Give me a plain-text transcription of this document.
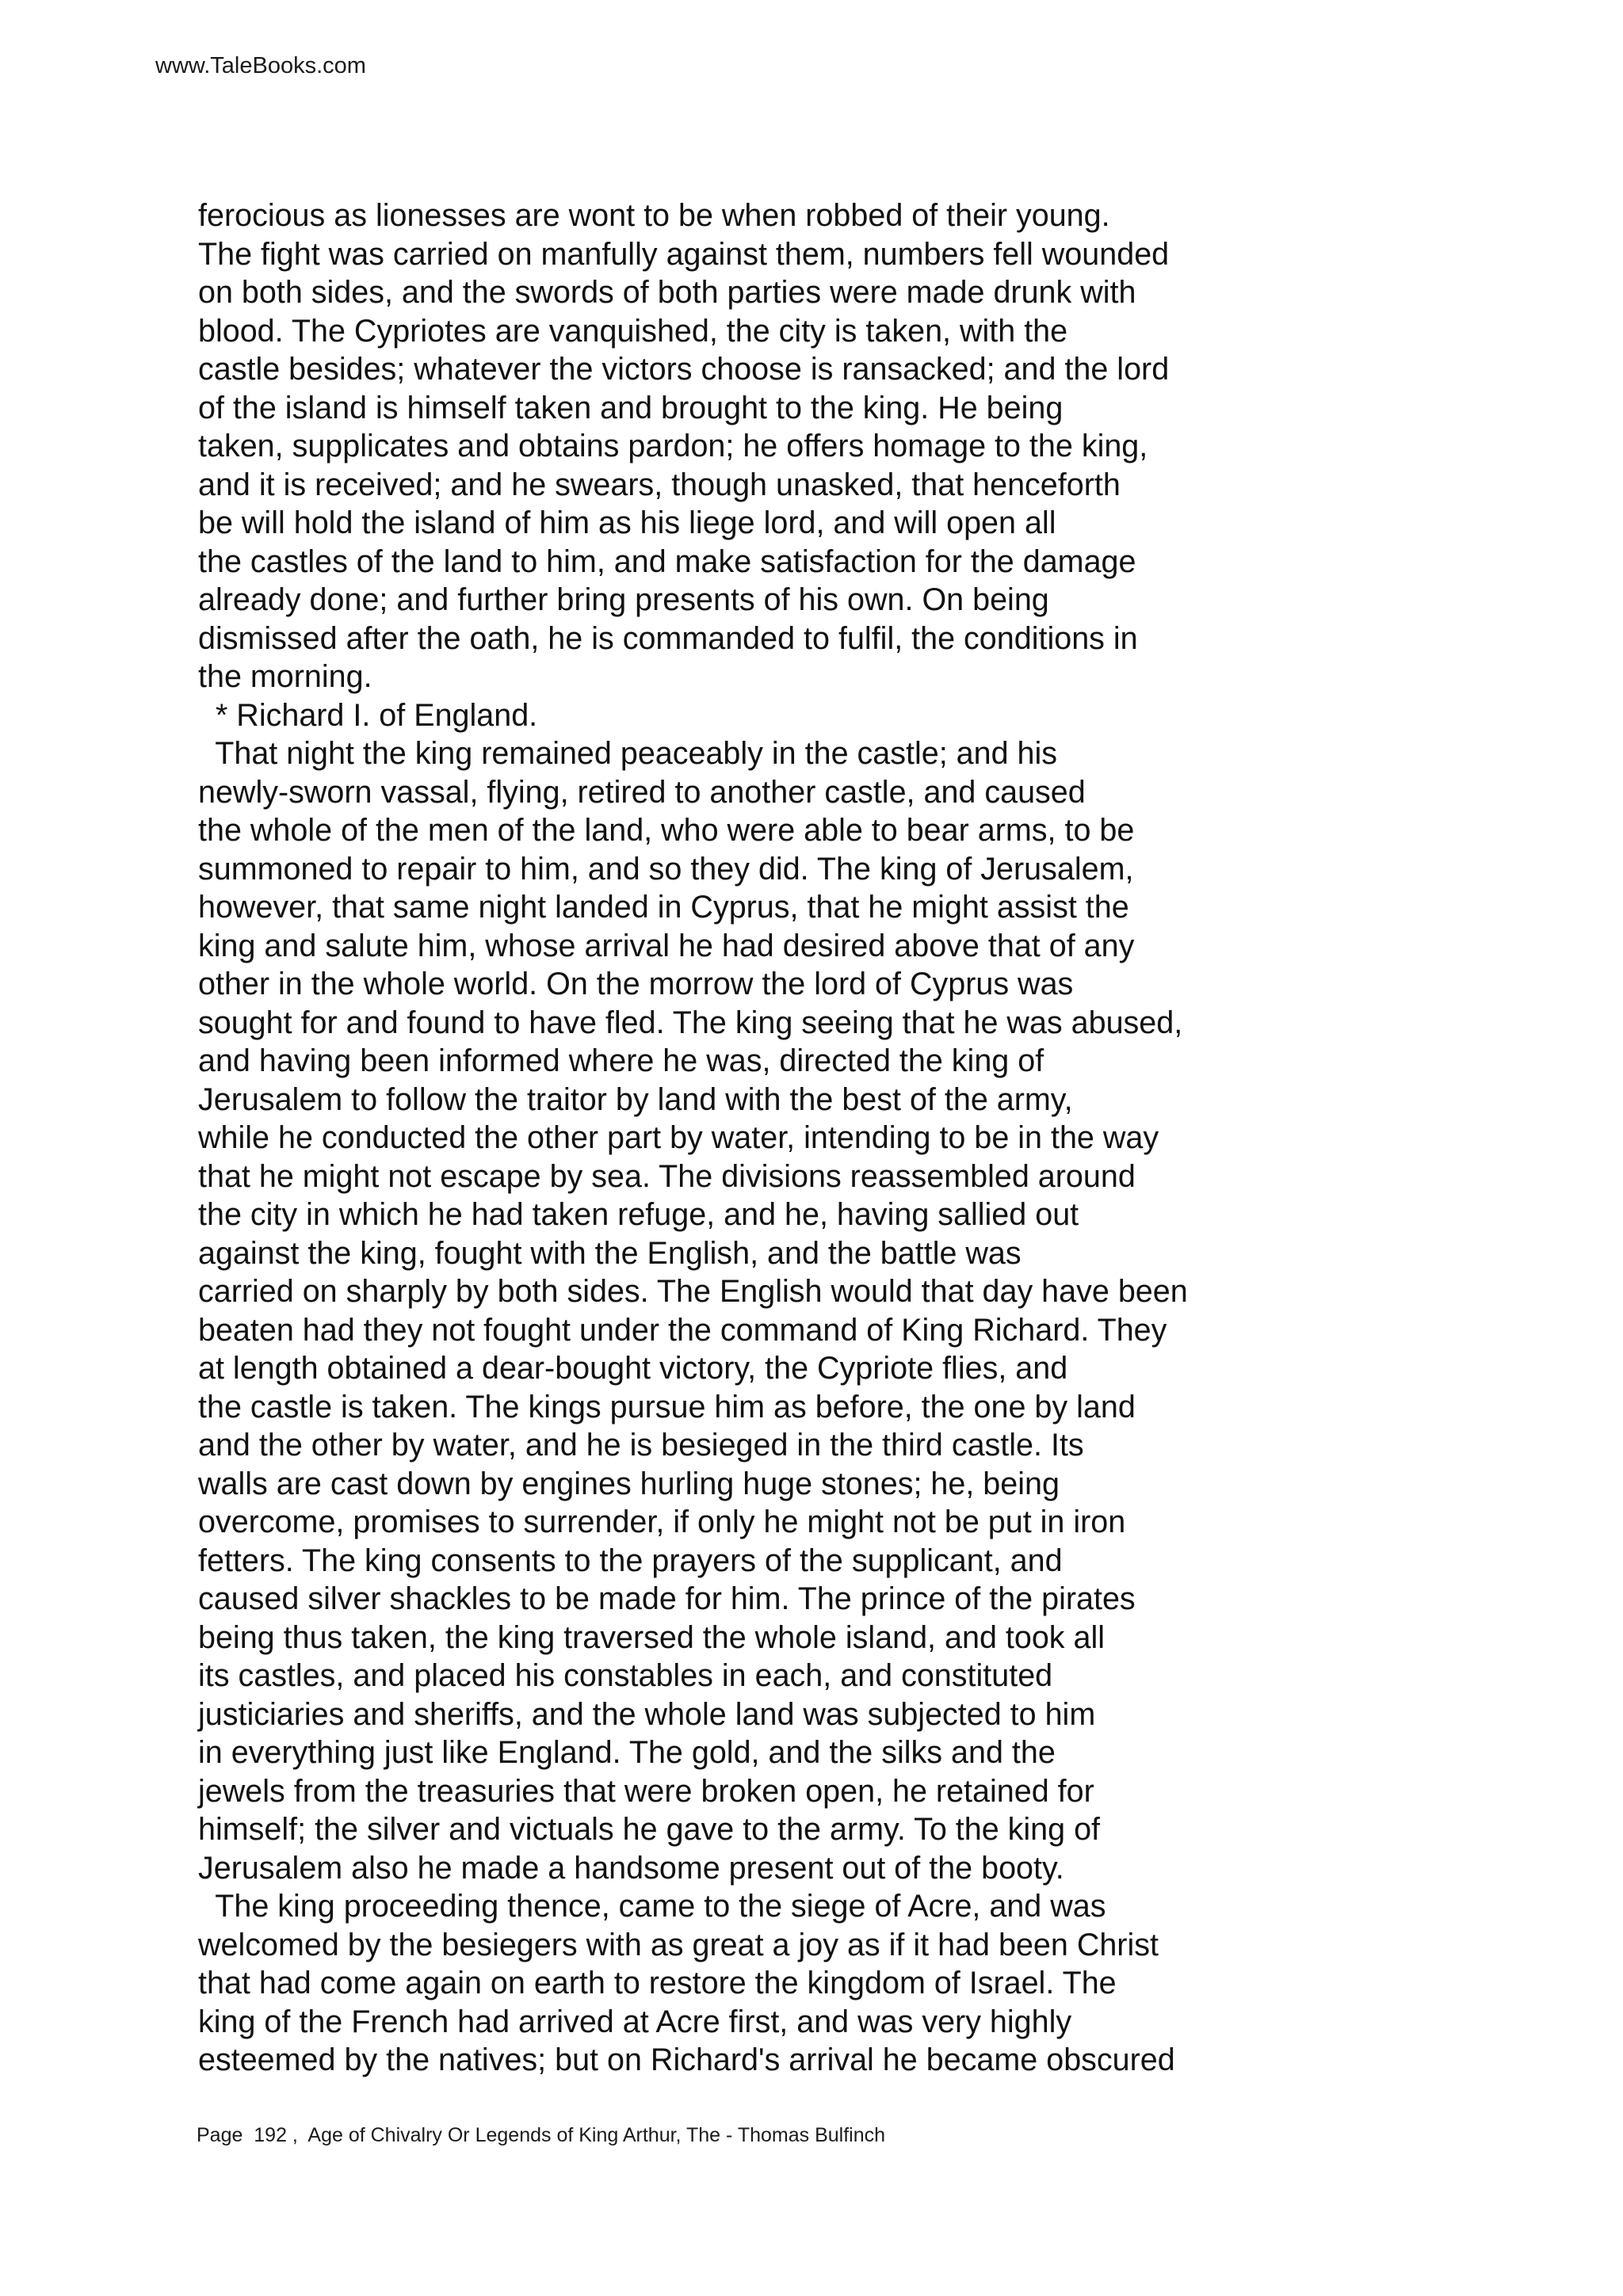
www.TaleBooks.com
ferocious as lionesses are wont to be when robbed of their young.
The fight was carried on manfully against them, numbers fell wounded
on both sides, and the swords of both parties were made drunk with
blood. The Cypriotes are vanquished, the city is taken, with the
castle besides; whatever the victors choose is ransacked; and the lord
of the island is himself taken and brought to the king. He being
taken, supplicates and obtains pardon; he offers homage to the king,
and it is received; and he swears, though unasked, that henceforth
be will hold the island of him as his liege lord, and will open all
the castles of the land to him, and make satisfaction for the damage
already done; and further bring presents of his own. On being
dismissed after the oath, he is commanded to fulfil, the conditions in
the morning.
* Richard I. of England.
That night the king remained peaceably in the castle; and his
newly-sworn vassal, flying, retired to another castle, and caused
the whole of the men of the land, who were able to bear arms, to be
summoned to repair to him, and so they did. The king of Jerusalem,
however, that same night landed in Cyprus, that he might assist the
king and salute him, whose arrival he had desired above that of any
other in the whole world. On the morrow the lord of Cyprus was
sought for and found to have fled. The king seeing that he was abused,
and having been informed where he was, directed the king of
Jerusalem to follow the traitor by land with the best of the army,
while he conducted the other part by water, intending to be in the way
that he might not escape by sea. The divisions reassembled around
the city in which he had taken refuge, and he, having sallied out
against the king, fought with the English, and the battle was
carried on sharply by both sides. The English would that day have been
beaten had they not fought under the command of King Richard. They
at length obtained a dear-bought victory, the Cypriote flies, and
the castle is taken. The kings pursue him as before, the one by land
and the other by water, and he is besieged in the third castle. Its
walls are cast down by engines hurling huge stones; he, being
overcome, promises to surrender, if only he might not be put in iron
fetters. The king consents to the prayers of the supplicant, and
caused silver shackles to be made for him. The prince of the pirates
being thus taken, the king traversed the whole island, and took all
its castles, and placed his constables in each, and constituted
justiciaries and sheriffs, and the whole land was subjected to him
in everything just like England. The gold, and the silks and the
jewels from the treasuries that were broken open, he retained for
himself; the silver and victuals he gave to the army. To the king of
Jerusalem also he made a handsome present out of the booty.
The king proceeding thence, came to the siege of Acre, and was
welcomed by the besiegers with as great a joy as if it had been Christ
that had come again on earth to restore the kingdom of Israel. The
king of the French had arrived at Acre first, and was very highly
esteemed by the natives; but on Richard's arrival he became obscured
Page  192 ,  Age of Chivalry Or Legends of King Arthur, The - Thomas Bulfinch
